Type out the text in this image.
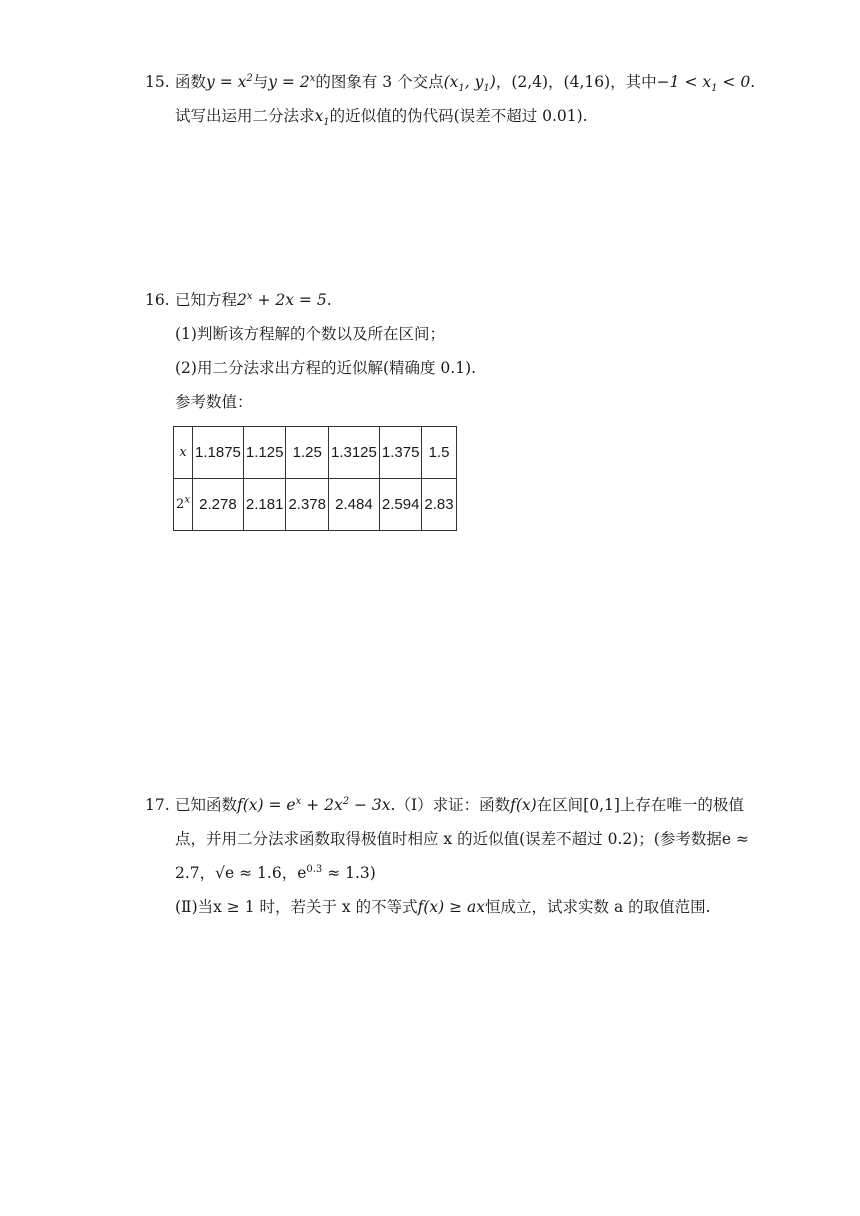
15. 函数$y = x^2$与$y = 2^x$的图象有 3 个交点($x_1$, $y_1$)，(2,4)，(4,16)，其中$-1 < x_1 < 0$.
试写出运用二分法求$x_1$的近似值的伪代码(误差不超过 0.01).
16. 已知方程$2^x + 2x = 5$.
(1)判断该方程解的个数以及所在区间；
(2)用二分法求出方程的近似解(精确度 0.1).
参考数值：
x	1.1875	1.125	1.25	1.3125	1.375	1.5
2$^x$	2.278	2.181	2.378	2.484	2.594	2.83
17. 已知函数$f(x) = e^x + 2x^2$ − 3x.（Ⅰ）求证：函数f(x)在区间[0,1]上存在唯一的极值
点，并用二分法求函数取得极值时相应 x 的近似值(误差不超过 0.2)；(参考数据e ≈
2.7，√e ≈ 1.6，$e^{0.3} \approx 1.3$)
(Ⅱ)当x ≥ 1 时，若关于 x 的不等式f(x) ≥ ax恒成立，试求实数 a 的取值范围.
